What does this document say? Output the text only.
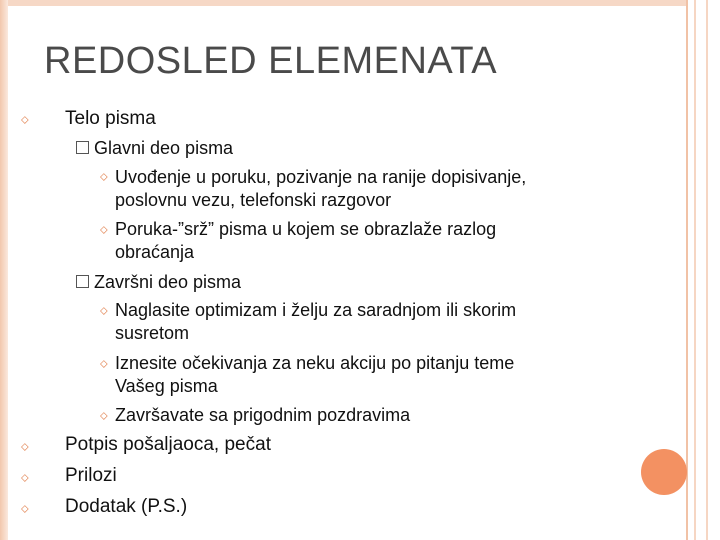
REDOSLED ELEMENATA
⬦ Telo pisma
Glavni deo pisma
⬦ Uvođenje u poruku, pozivanje na ranije dopisivanje,
poslovnu vezu, telefonski razgovor
⬦ Poruka-”srž” pisma u kojem se obrazlaže razlog
obraćanja
Završni deo pisma
⬦ Naglasite optimizam i želju za saradnjom ili skorim
susretom
⬦ Iznesite očekivanja za neku akciju po pitanju teme
Vašeg pisma
⬦ Završavate sa prigodnim pozdravima
⬦ Potpis pošaljaoca, pečat
⬦ Prilozi
⬦ Dodatak (P.S.)
